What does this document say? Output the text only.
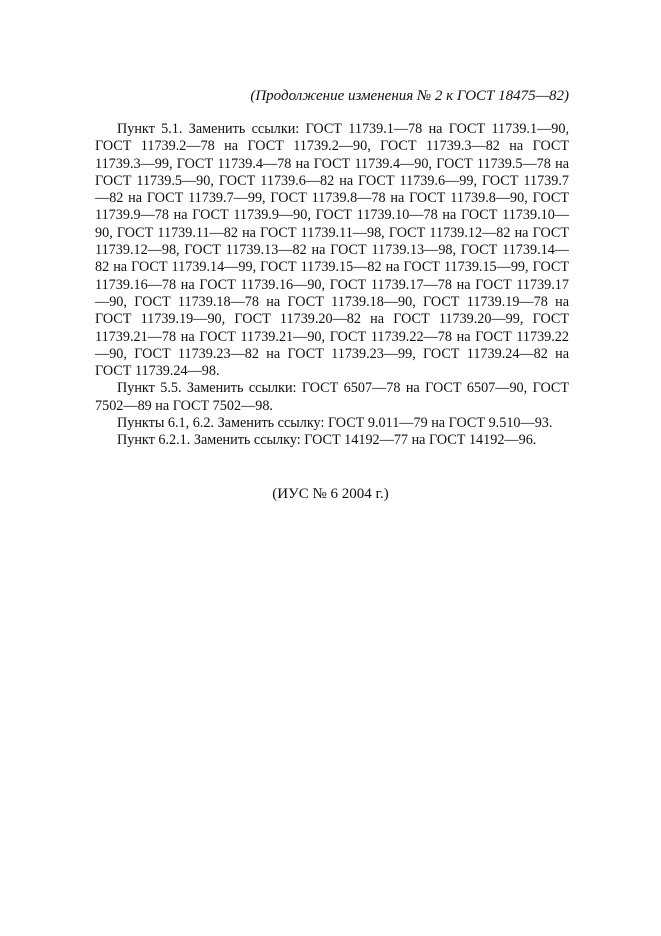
(Продолжение изменения № 2 к ГОСТ 18475—82)

Пункт 5.1. Заменить ссылки: ГОСТ 11739.1—78 на ГОСТ 11739.1—90, ГОСТ 11739.2—78 на ГОСТ 11739.2—90, ГОСТ 11739.3—82 на ГОСТ 11739.3—99, ГОСТ 11739.4—78 на ГОСТ 11739.4—90, ГОСТ 11739.5—78 на ГОСТ 11739.5—90, ГОСТ 11739.6—82 на ГОСТ 11739.6—99, ГОСТ 11739.7—82 на ГОСТ 11739.7—99, ГОСТ 11739.8—78 на ГОСТ 11739.8—90, ГОСТ 11739.9—78 на ГОСТ 11739.9—90, ГОСТ 11739.10—78 на ГОСТ 11739.10—90, ГОСТ 11739.11—82 на ГОСТ 11739.11—98, ГОСТ 11739.12—82 на ГОСТ 11739.12—98, ГОСТ 11739.13—82 на ГОСТ 11739.13—98, ГОСТ 11739.14—82 на ГОСТ 11739.14—99, ГОСТ 11739.15—82 на ГОСТ 11739.15—99, ГОСТ 11739.16—78 на ГОСТ 11739.16—90, ГОСТ 11739.17—78 на ГОСТ 11739.17—90, ГОСТ 11739.18—78 на ГОСТ 11739.18—90, ГОСТ 11739.19—78 на ГОСТ 11739.19—90, ГОСТ 11739.20—82 на ГОСТ 11739.20—99, ГОСТ 11739.21—78 на ГОСТ 11739.21—90, ГОСТ 11739.22—78 на ГОСТ 11739.22—90, ГОСТ 11739.23—82 на ГОСТ 11739.23—99, ГОСТ 11739.24—82 на ГОСТ 11739.24—98.

Пункт 5.5. Заменить ссылки: ГОСТ 6507—78 на ГОСТ 6507—90, ГОСТ 7502—89 на ГОСТ 7502—98.

Пункты 6.1, 6.2. Заменить ссылку: ГОСТ 9.011—79 на ГОСТ 9.510—93.

Пункт 6.2.1. Заменить ссылку: ГОСТ 14192—77 на ГОСТ 14192—96.

(ИУС № 6 2004 г.)
